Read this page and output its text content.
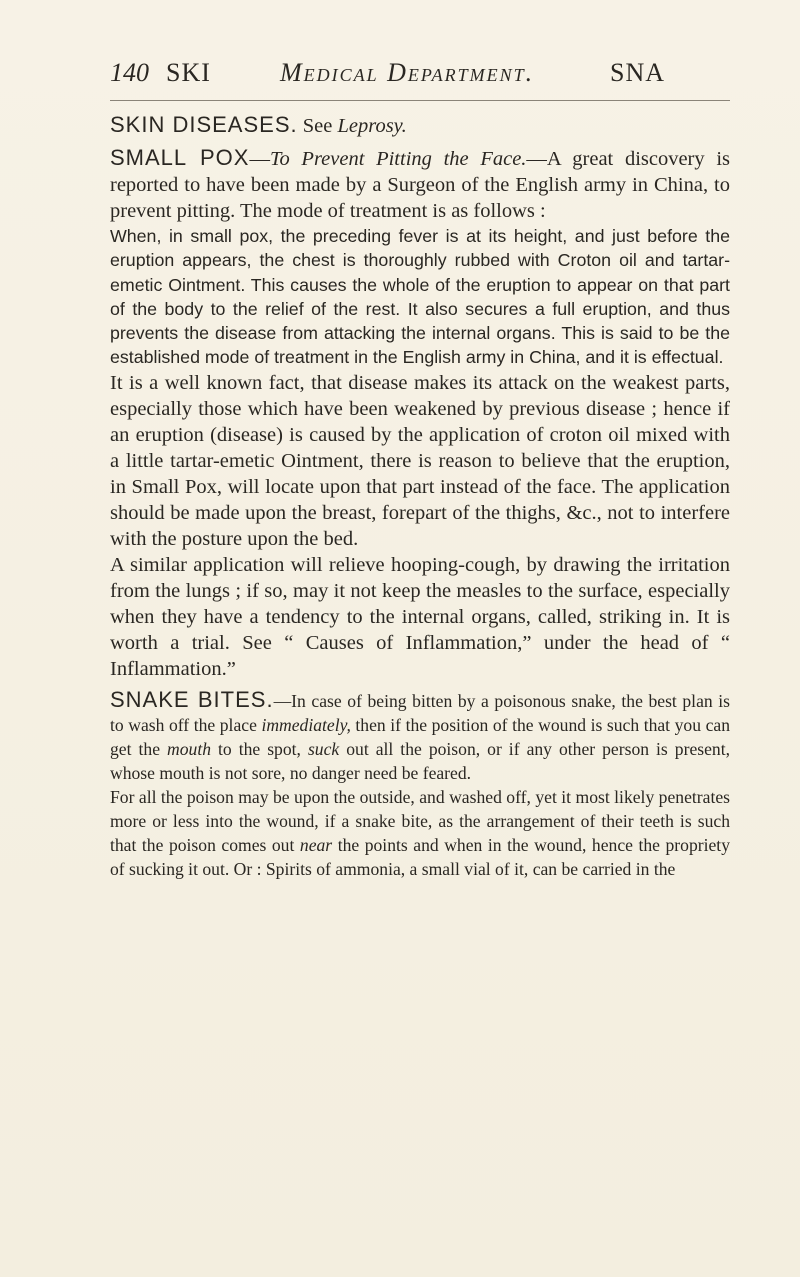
140 SKI	Medical Department.	SNA

SKIN DISEASES. See Leprosy.

SMALL POX—To Prevent Pitting the Face.—A great discovery is reported to have been made by a Surgeon of the English army in China, to prevent pitting. The mode of treatment is as follows :

When, in small pox, the preceding fever is at its height, and just before the eruption appears, the chest is thoroughly rubbed with Croton oil and tartar-emetic Ointment. This causes the whole of the eruption to appear on that part of the body to the relief of the rest. It also secures a full eruption, and thus prevents the disease from attacking the internal organs. This is said to be the established mode of treatment in the English army in China, and it is effectual.

It is a well known fact, that disease makes its attack on the weakest parts, especially those which have been weakened by previous disease ; hence if an eruption (disease) is caused by the application of croton oil mixed with a little tartar-emetic Ointment, there is reason to believe that the eruption, in Small Pox, will locate upon that part instead of the face. The application should be made upon the breast, forepart of the thighs, &c., not to interfere with the posture upon the bed.

A similar application will relieve hooping-cough, by drawing the irritation from the lungs ; if so, may it not keep the measles to the surface, especially when they have a tendency to the internal organs, called, striking in. It is worth a trial. See “ Causes of Inflammation,” under the head of “ Inflammation.”

SNAKE BITES.—In case of being bitten by a poisonous snake, the best plan is to wash off the place immediately, then if the position of the wound is such that you can get the mouth to the spot, suck out all the poison, or if any other person is present, whose mouth is not sore, no danger need be feared.

For all the poison may be upon the outside, and washed off, yet it most likely penetrates more or less into the wound, if a snake bite, as the arrangement of their teeth is such that the poison comes out near the points and when in the wound, hence the propriety of sucking it out. Or : Spirits of ammonia, a small vial of it, can be carried in the
